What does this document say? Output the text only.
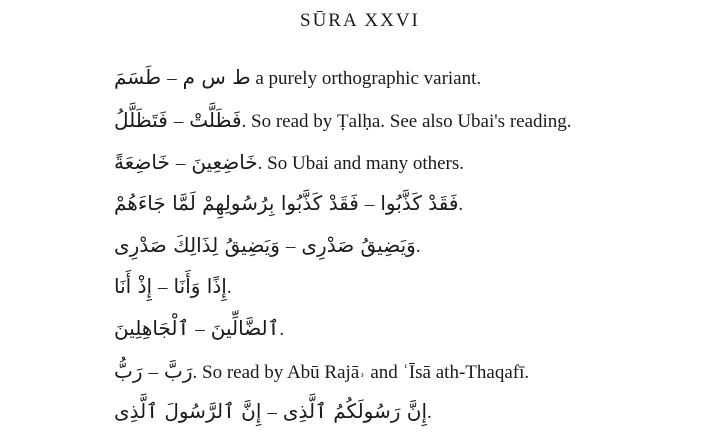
SŪRA XXVI
طَسَمَ – ط س م a purely orthographic variant.
فَتَظَلَّلُ – فَظَلَّتْ. So read by Ṭalḥa. See also Ubai's reading.
خَاضِعَةً – خَاضِعِينَ. So Ubai and many others.
فَقَدْ كَذَّبُوا بِرُسُولِهِمْ لَمَّا جَاءَهُمْ – فَقَدْ كَذَّبُوا.
وَيَضِيقُ لِذَالِكَ صَدْرِى – وَيَضِيقُ صَدْرِى.
إِذْ أَنَا – إِذًا وَأَنَا.
ٱلْجَاهِلِينَ – ٱلضَّالِّينَ.
رَبُّ – رَبَّ. So read by Abū Rajā˒ and ʿĪsā ath-Thaqafī.
إِنَّ ٱلرَّسُولَ ٱلَّذِى – إِنَّ رَسُولَكُمُ ٱلَّذِى.
